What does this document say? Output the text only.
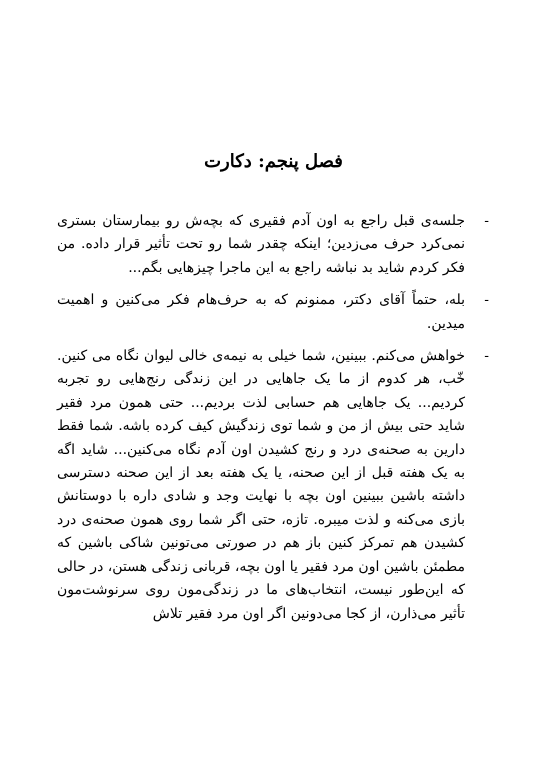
فصل پنجم: دکارت
-
جلسه‌ی قبل راجع به اون آدم فقیری که بچه‌ش رو بیمارستان بستری نمی‌کرد حرف می‌زدین؛ اینکه چقدر شما رو تحت تأثیر قرار داده. من فکر کردم شاید بد نباشه راجع به این ماجرا چیزهایی بگم...
-
بله، حتماً آقای دکتر، ممنونم که به حرف‌هام فکر می‌کنین و اهمیت میدین.
-
خواهش می‌کنم. ببینین، شما خیلی به نیمه‌ی خالی لیوان نگاه می کنین. خّب، هر کدوم از ما یک جاهایی در این زندگی رنج‌هایی رو تجربه کردیم... یک جاهایی هم حسابی لذت بردیم... حتی همون مرد فقیر شاید حتی بیش از من و شما توی زندگیش کیف کرده باشه. شما فقط دارین به صحنه‌ی درد و رنج کشیدن اون آدم نگاه می‌کنین... شاید اگه به یک هفته قبل از این صحنه، یا یک هفته بعد از این صحنه دسترسی داشته باشین ببینین اون بچه با نهایت وجد و شادی داره با دوستانش بازی می‌کنه و لذت میبره. تازه، حتی اگر شما روی همون صحنه‌ی درد کشیدن هم تمرکز کنین باز هم در صورتی می‌تونین شاکی باشین که مطمئن باشین اون مرد فقیر یا اون بچه، قربانی زندگی هستن، در حالی که این‌طور نیست، انتخاب‌های ما در زندگی‌مون روی سرنوشت‌مون تأثیر می‌ذارن، از کجا می‌دونین اگر اون مرد فقیر تلاش
